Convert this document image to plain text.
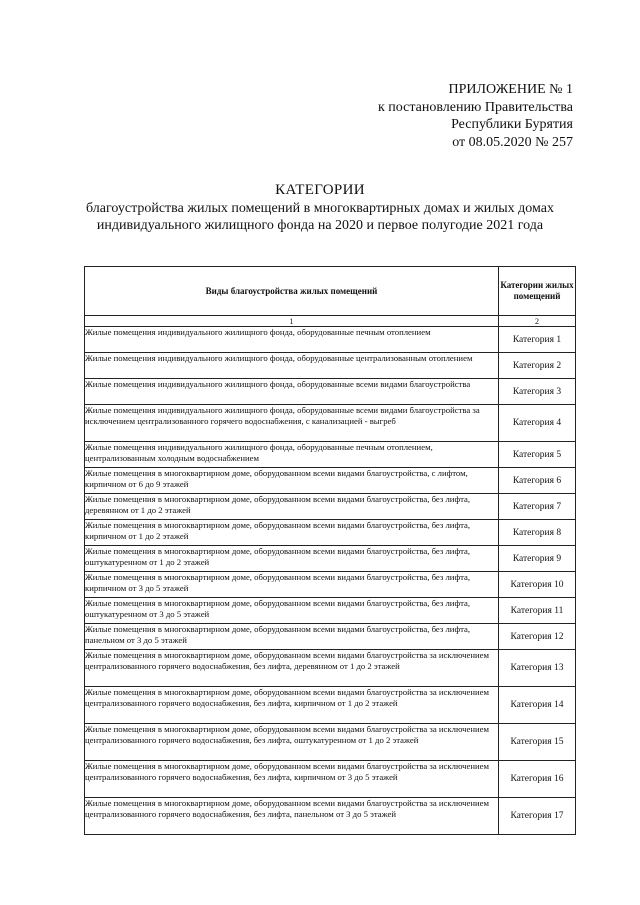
ПРИЛОЖЕНИЕ № 1
к постановлению Правительства
Республики Бурятия
от 08.05.2020 № 257
КАТЕГОРИИ
благоустройства жилых помещений в многоквартирных домах и жилых домах индивидуального жилищного фонда на 2020 и первое полугодие 2021 года
Виды благоустройства жилых помещений	Категории жилых помещений
1	2
Жилые помещения индивидуального жилищного фонда, оборудованные печным отоплением	Категория 1
Жилые помещения индивидуального жилищного фонда, оборудованные централизованным отоплением	Категория 2
Жилые помещения индивидуального жилищного фонда, оборудованные всеми видами благоустройства	Категория 3
Жилые помещения индивидуального жилищного фонда, оборудованные всеми видами благоустройства за исключением централизованного горячего водоснабжения, с канализацией - выгреб	Категория 4
Жилые помещения индивидуального жилищного фонда, оборудованные печным отоплением, централизованным холодным водоснабжением	Категория 5
Жилые помещения в многоквартирном доме, оборудованном всеми видами благоустройства, с лифтом, кирпичном от 6 до 9 этажей	Категория 6
Жилые помещения в многоквартирном доме, оборудованном всеми видами благоустройства, без лифта, деревянном от 1 до 2 этажей	Категория 7
Жилые помещения в многоквартирном доме, оборудованном всеми видами благоустройства, без лифта, кирпичном от 1 до 2 этажей	Категория 8
Жилые помещения в многоквартирном доме, оборудованном всеми видами благоустройства, без лифта, оштукатуренном от 1 до 2 этажей	Категория 9
Жилые помещения в многоквартирном доме, оборудованном всеми видами благоустройства, без лифта, кирпичном от 3 до 5 этажей	Категория 10
Жилые помещения в многоквартирном доме, оборудованном всеми видами благоустройства, без лифта, оштукатуренном от 3 до 5 этажей	Категория 11
Жилые помещения в многоквартирном доме, оборудованном всеми видами благоустройства, без лифта, панельном от 3 до 5 этажей	Категория 12
Жилые помещения в многоквартирном доме, оборудованном всеми видами благоустройства за исключением централизованного горячего водоснабжения, без лифта, деревянном от 1 до 2 этажей	Категория 13
Жилые помещения в многоквартирном доме, оборудованном всеми видами благоустройства за исключением централизованного горячего водоснабжения, без лифта, кирпичном от 1 до 2 этажей	Категория 14
Жилые помещения в многоквартирном доме, оборудованном всеми видами благоустройства за исключением централизованного горячего водоснабжения, без лифта, оштукатуренном от 1 до 2 этажей	Категория 15
Жилые помещения в многоквартирном доме, оборудованном всеми видами благоустройства за исключением централизованного горячего водоснабжения, без лифта, кирпичном от 3 до 5 этажей	Категория 16
Жилые помещения в многоквартирном доме, оборудованном всеми видами благоустройства за исключением централизованного горячего водоснабжения, без лифта, панельном от 3 до 5 этажей	Категория 17
